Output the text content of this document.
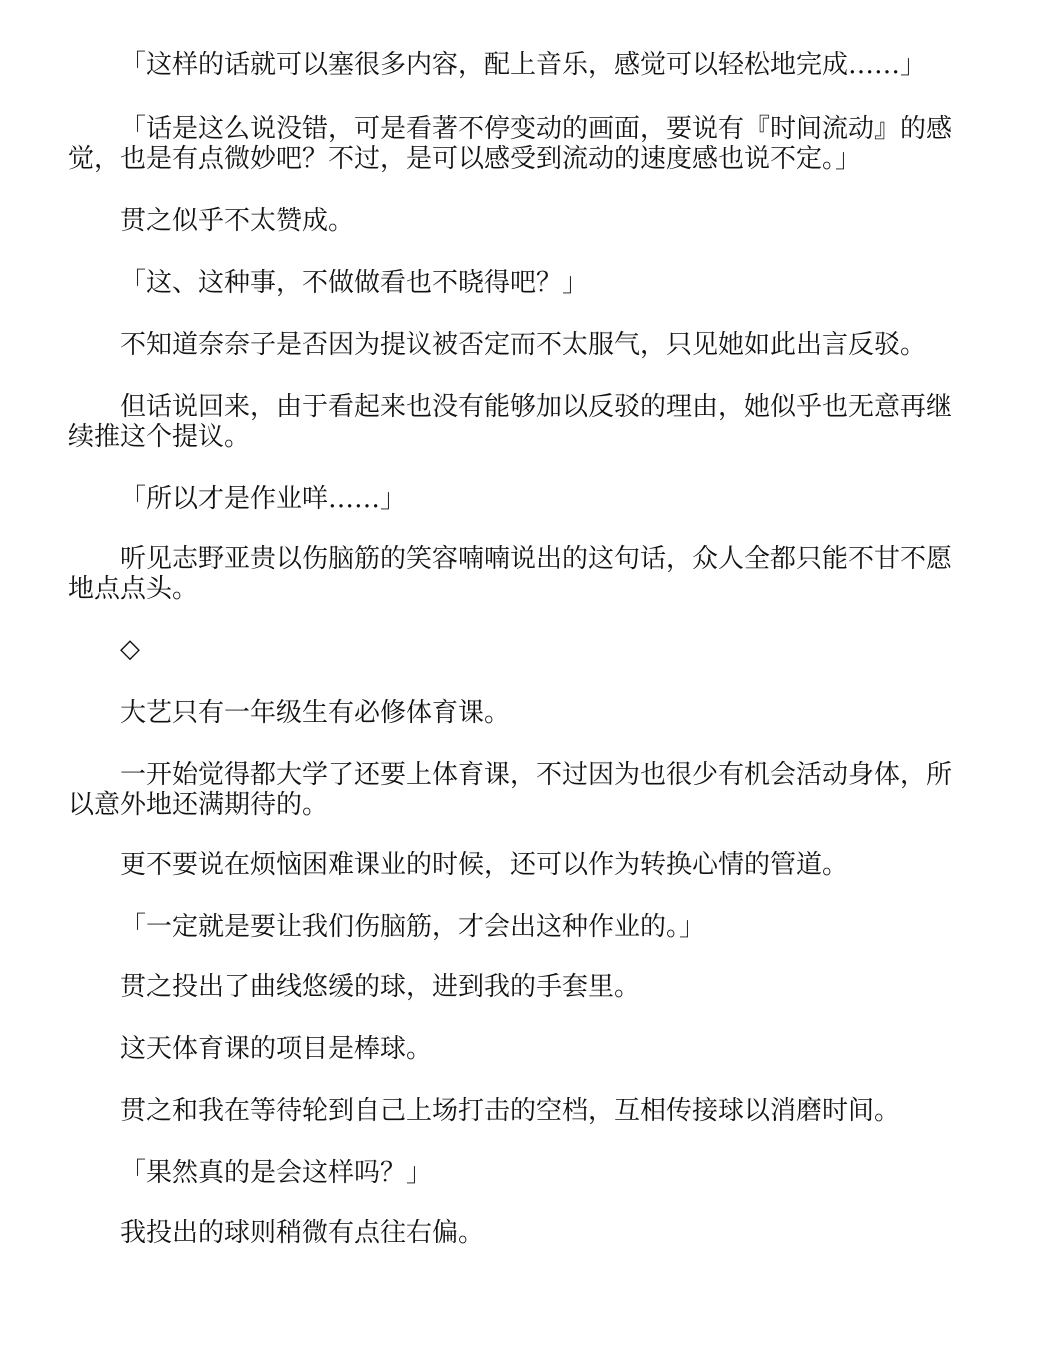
「这样的话就可以塞很多内容，配上音乐，感觉可以轻松地完成……」

「话是这么说没错，可是看著不停变动的画面，要说有『时间流动』的感觉，也是有点微妙吧？不过，是可以感受到流动的速度感也说不定。」

贯之似乎不太赞成。

「这、这种事，不做做看也不晓得吧？」

不知道奈奈子是否因为提议被否定而不太服气，只见她如此出言反驳。

但话说回来，由于看起来也没有能够加以反驳的理由，她似乎也无意再继续推这个提议。

「所以才是作业咩……」

听见志野亚贵以伤脑筋的笑容喃喃说出的这句话，众人全都只能不甘不愿地点点头。

◇

大艺只有一年级生有必修体育课。

一开始觉得都大学了还要上体育课，不过因为也很少有机会活动身体，所以意外地还满期待的。

更不要说在烦恼困难课业的时候，还可以作为转换心情的管道。

「一定就是要让我们伤脑筋，才会出这种作业的。」

贯之投出了曲线悠缓的球，进到我的手套里。

这天体育课的项目是棒球。

贯之和我在等待轮到自己上场打击的空档，互相传接球以消磨时间。

「果然真的是会这样吗？」

我投出的球则稍微有点往右偏。
